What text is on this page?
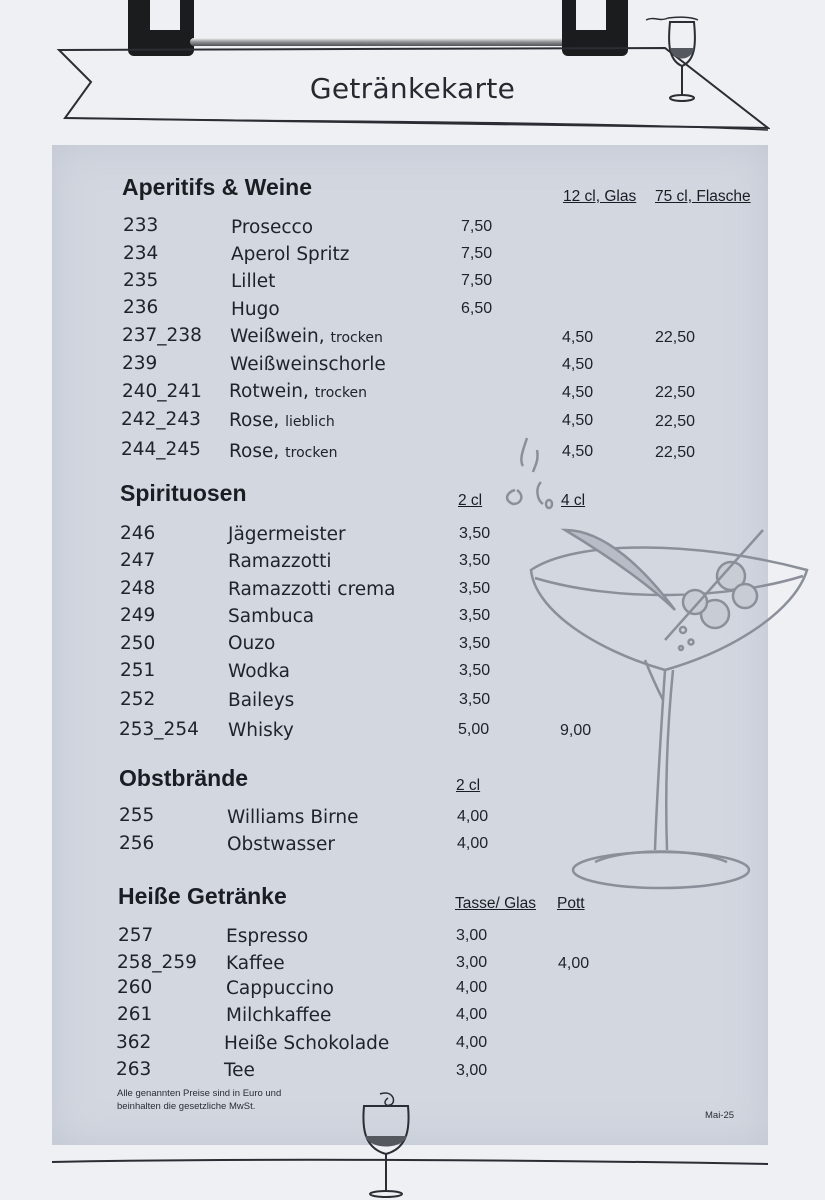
Getränkekarte
Aperitifs & Weine	12 cl, Glas 75 cl, Flasche
233	Prosecco	7,50
234	Aperol Spritz	7,50
235	Lillet	7,50
236	Hugo	6,50
237_238 Weißwein, trocken	4,50	22,50
239	Weißweinschorle	4,50
240_241 Rotwein, trocken	4,50	22,50
242_243 Rose, lieblich	4,50	22,50
244_245 Rose, trocken	4,50	22,50
Spirituosen	2 cl	4 cl
246	Jägermeister	3,50
247	Ramazzotti	3,50
248	Ramazzotti crema	3,50
249	Sambuca	3,50
250	Ouzo	3,50
251	Wodka	3,50
252	Baileys	3,50
253_254 Whisky	5,00	9,00
Obstbrände	2 cl
255	Williams Birne	4,00
256	Obstwasser	4,00
Heiße Getränke	Tasse/ Glas Pott
257	Espresso	3,00
258_259 Kaffee	3,00	4,00
260	Cappuccino	4,00
261	Milchkaffee	4,00
362	Heiße Schokolade	4,00
263	Tee	3,00
Alle genannten Preise sind in Euro und
beinhalten die gesetzliche MwSt.
Mai-25
